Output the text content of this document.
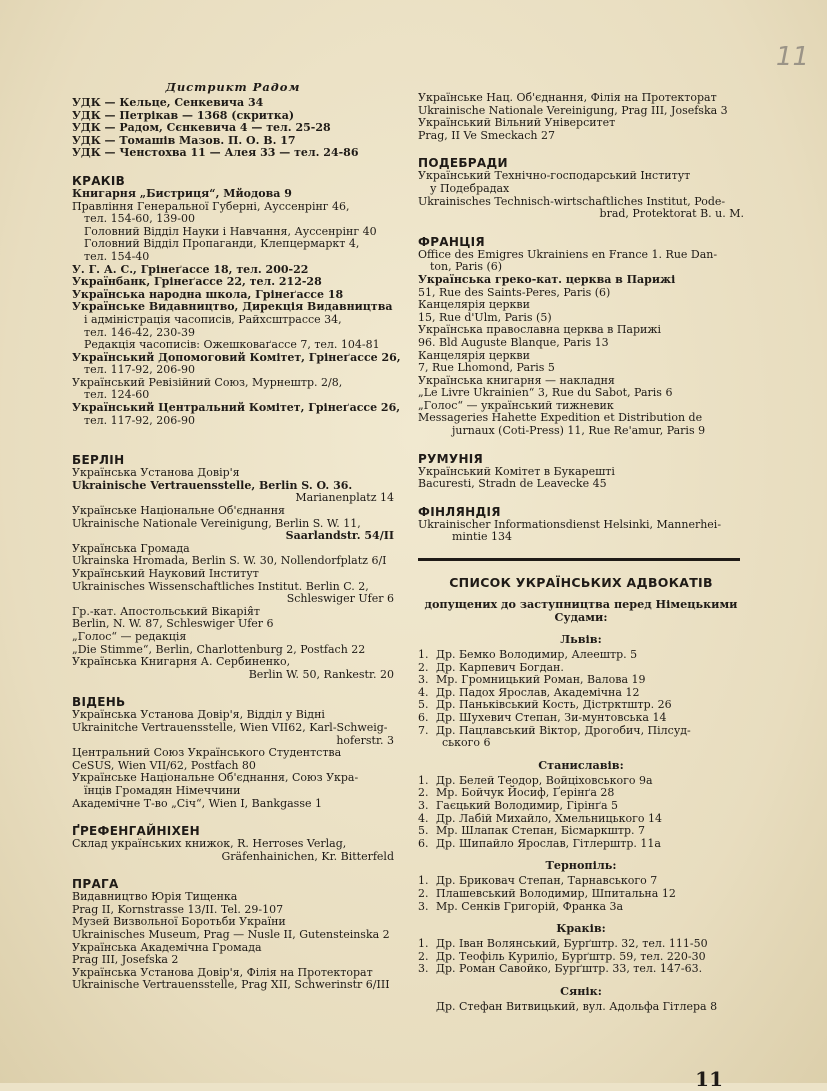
11
Дистрикт Радом
УДК — Кельце, Сенкевича 34
УДК — Петрікав — 1368 (скритка)
УДК — Радом, Сєнкевича 4 — тел. 25-28
УДК — Томашів Мазов. П. О. В. 17
УДК — Ченстохва 11 — Алея 33 — тел. 24-86
КРАКІВ
Книгарня „Бистриця“, Мйодова 9
Правління Генеральної Губерні, Аусcенрінг 46,
тел. 154-60, 139-00
Головний Відділ Науки і Навчання, Аусcенрінг 40
Головний Відділ Пропаганди, Клепцермаркт 4,
тел. 154-40
У. Г. А. С., Грінеґассе 18, тел. 200-22
Українбанк, Грінеґассе 22, тел. 212-28
Українська народна школа, Грінеґассе 18
Українське Видавництво, Дирекція Видавництва
і адміністрація часописів, Райхсштрассе 34,
тел. 146-42, 230-39
Редакція часописів: Ожешковаґассе 7, тел. 104-81
Український Допомоговий Комітет, Грінеґассе 26,
тел. 117-92, 206-90
Український Ревізійний Союз, Мурнештр. 2/8,
тел. 124-60
Український Центральний Комітет, Грінеґассе 26,
тел. 117-92, 206-90
БЕРЛІН
Українська Установа Довір'я
Ukrainische Vertrauensstelle, Berlin S. O. 36.
Marianenplatz 14
Українське Національне Об'єднання
Ukrainische Nationale Vereinigung, Berlin S. W. 11,
Saarlandstr. 54/II
Українська Громада
Ukrainska Hromada, Berlin S. W. 30, Nollendorfplatz 6/I
Український Науковий Інститут
Ukrainisches Wissenschaftliches Institut. Berlin C. 2,
Schleswiger Ufer 6
Гр.-кат. Апостольський Вікарія̂т
Berlin, N. W. 87, Schleswiger Ufer 6
„Голос“ — редакція
„Die Stimme“, Berlin, Charlottenburg 2, Postfach 22
Українська Книгарня А. Сербиненко,
Berlin W. 50, Rankestr. 20
ВІДЕНЬ
Українська Установа Довір'я, Відділ у Відні
Ukrainitche Vertrauensstelle, Wien VII62, Karl-Schweig-
hoferstr. 3
Центральний Союз Українського Студентства
CeSUS, Wien VII/62, Postfach 80
Українське Національне Об'єднання, Союз Укра-
їнців Громадян Німеччини
Академічне Т-во „Січ“, Wien I, Bankgasse 1
ҐРЕФЕНГАЙНІХЕН
Склад українських книжок, R. Herroses Verlag,
Gräfenhainichen, Kr. Bitterfeld
ПРАГА
Видавництво Юрія Тищенка
Prag II, Kornstrasse 13/II. Tel. 29-107
Музей Визвольної Боротьби України
Ukrainisches Museum, Prag — Nusle II, Gutensteinska 2
Українська Академічна Громада
Prag III, Josefska 2
Українська Установа Довір'я, Філія на Протекторат
Ukrainische Vertrauensstelle, Prag XII, Schwerinstr 6/III
Українське Нац. Об'єднання, Філія на Протекторат
Ukrainische Nationale Vereinigung, Prag III, Josefska 3
Український Вільний Університет
Prag, II Ve Smeckach 27
ПОДЕБРАДИ
Український Технічно-господарський Інститут
у Подебрадах
Ukrainisches Technisch-wirtschaftliches Institut, Pode-
brad, Protektorat B. u. M.
ФРАНЦІЯ
Office des Emigres Ukrainiens en France 1. Rue Dan-
ton, Paris (6)
Українська греко-кат. церква в Парижі
51, Rue des Saints-Peres, Paris (6)
Канцелярія церкви
15, Rue d'Ulm, Paris (5)
Українська православна церква в Парижі
96. Bld Auguste Blanque, Paris 13
Канцелярія церкви
7, Rue Lhomond, Paris 5
Українська книгарня — накладня
„Le Livre Ukrainien“ 3, Rue du Sabot, Paris 6
„Голос“ — український тижневик
Messageries Hahette Expedition et Distribution de
jurnaux (Coti-Press) 11, Rue Re'amur, Paris 9
РУМУНІЯ
Український Комітет в Букарешті
Bacuresti, Stradn de Leavecke 45
ФІНЛЯНДІЯ
Ukrainischer Informationsdienst Helsinki, Mannerhei-
mintie 134
СПИСОК УКРАЇНСЬКИХ АДВОКАТІВ
допущених до заступництва перед Німецькими
Судами:
Львів:
1. Др. Бемко Володимир, Алеештр. 5
2. Др. Карпевич Богдан.
3. Мр. Громницький Роман, Валова 19
4. Др. Падох Ярослав, Академічна 12
5. Др. Паньківський Кость, Дістрктштр. 26
6. Др. Шухевич Степан, Зи-мунтовська 14
7. Др. Пацлавський Віктор, Дрогобич, Пілсуд-
ського 6
Станиславів:
1. Др. Белей Теодор, Войціховського 9а
2. Мр. Бойчук Йосиф, Ґерінґа 28
3. Гаєцький Володимир, Гірінґа 5
4. Др. Лабій Михайло, Хмельницького 14
5. Мр. Шлапак Степан, Бісмаркштр. 7
6. Др. Шипайло Ярослав, Гітлерштр. 11а
Тернопіль:
1. Др. Бриковач Степан, Тарнавського 7
2. Плашевський Володимир, Шпитальна 12
3. Мр. Сенків Григорій, Франка 3а
Краків:
1. Др. Іван Волянський, Бурґштр. 32, тел. 111-50
2. Др. Теофіль Куриліо, Бурґштр. 59, тел. 220-30
3. Др. Роман Савойко, Бурґштр. 33, тел. 147-63.
Сянік:
Др. Стефан Витвицький, вул. Адольфа Гітлера 8
11
